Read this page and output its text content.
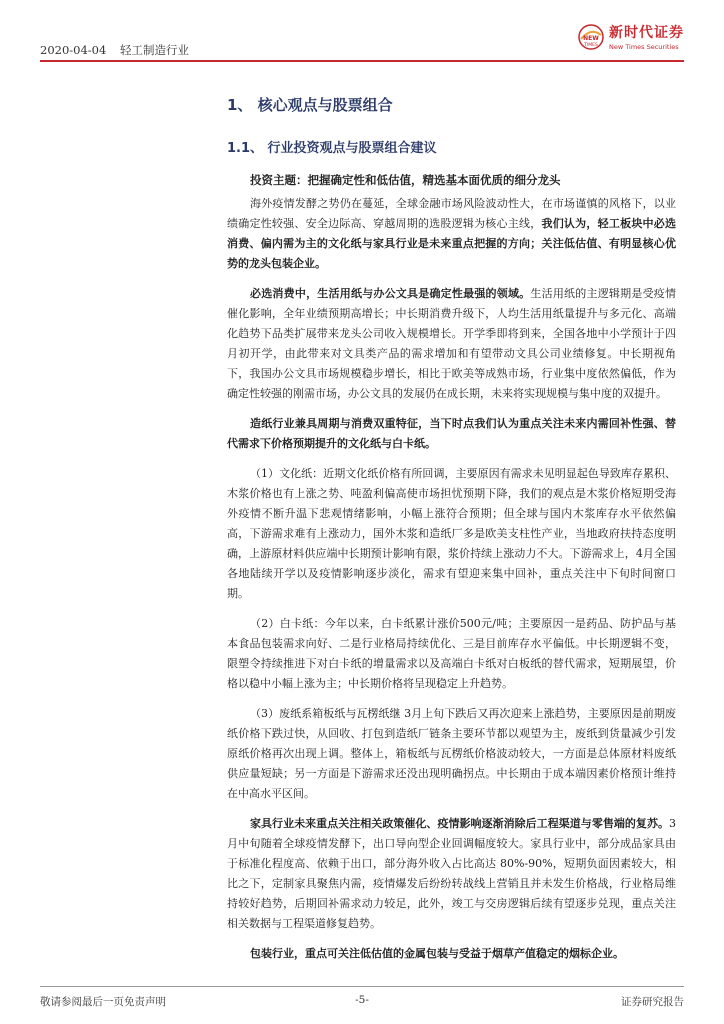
2020-04-04 轻工制造行业
NEW
TIMES
新时代证券
New Times Securities
1、 核心观点与股票组合
1.1、 行业投资观点与股票组合建议
投资主题：把握确定性和低估值，精选基本面优质的细分龙头

海外疫情发酵之势仍在蔓延，全球金融市场风险波动性大，在市场谨慎的风格下，以业绩确定性较强、安全边际高、穿越周期的选股逻辑为核心主线，我们认为，轻工板块中必选消费、偏内需为主的文化纸与家具行业是未来重点把握的方向；关注低估值、有明显核心优势的龙头包装企业。

必选消费中，生活用纸与办公文具是确定性最强的领域。生活用纸的主逻辑期是受疫情催化影响，全年业绩预期高增长；中长期消费升级下，人均生活用纸量提升与多元化、高端化趋势下品类扩展带来龙头公司收入规模增长。开学季即将到来，全国各地中小学预计于四月初开学，由此带来对文具类产品的需求增加和有望带动文具公司业绩修复。中长期视角下，我国办公文具市场规模稳步增长，相比于欧美等成熟市场，行业集中度依然偏低，作为确定性较强的刚需市场，办公文具的发展仍在成长期，未来将实现规模与集中度的双提升。

造纸行业兼具周期与消费双重特征，当下时点我们认为重点关注未来内需回补性强、替代需求下价格预期提升的文化纸与白卡纸。

（1）文化纸：近期文化纸价格有所回调，主要原因有需求未见明显起色导致库存累积、木浆价格也有上涨之势、吨盈利偏高使市场担忧预期下降，我们的观点是木浆价格短期受海外疫情不断升温下悲观情绪影响，小幅上涨符合预期；但全球与国内木浆库存水平依然偏高，下游需求难有上涨动力，国外木浆和造纸厂多是欧美支柱性产业，当地政府扶持态度明确，上游原材料供应端中长期预计影响有限，浆价持续上涨动力不大。下游需求上，4月全国各地陆续开学以及疫情影响逐步淡化，需求有望迎来集中回补，重点关注中下旬时间窗口期。

（2）白卡纸：今年以来，白卡纸累计涨价500元/吨；主要原因一是药品、防护品与基本食品包装需求向好、二是行业格局持续优化、三是目前库存水平偏低。中长期逻辑不变，限塑令持续推进下对白卡纸的增量需求以及高端白卡纸对白板纸的替代需求，短期展望，价格以稳中小幅上涨为主；中长期价格将呈现稳定上升趋势。

（3）废纸系箱板纸与瓦楞纸继 3月上旬下跌后又再次迎来上涨趋势，主要原因是前期废纸价格下跌过快，从回收、打包到造纸厂链条主要环节都以观望为主，废纸到货量减少引发原纸价格再次出现上调。整体上，箱板纸与瓦楞纸价格波动较大，一方面是总体原材料废纸供应量短缺；另一方面是下游需求还没出现明确拐点。中长期由于成本端因素价格预计维持在中高水平区间。

家具行业未来重点关注相关政策催化、疫情影响逐渐消除后工程渠道与零售端的复苏。3月中旬随着全球疫情发酵下，出口导向型企业回调幅度较大。家具行业中，部分成品家具由于标准化程度高、依赖于出口，部分海外收入占比高达 80%-90%，短期负面因素较大，相比之下，定制家具聚焦内需，疫情爆发后纷纷转战线上营销且并未发生价格战，行业格局维持较好趋势，后期回补需求动力较足，此外，竣工与交房逻辑后续有望逐步兑现，重点关注相关数据与工程渠道修复趋势。

包装行业，重点可关注低估值的金属包装与受益于烟草产值稳定的烟标企业。

敬请参阅最后一页免责声明	-5-	证券研究报告
